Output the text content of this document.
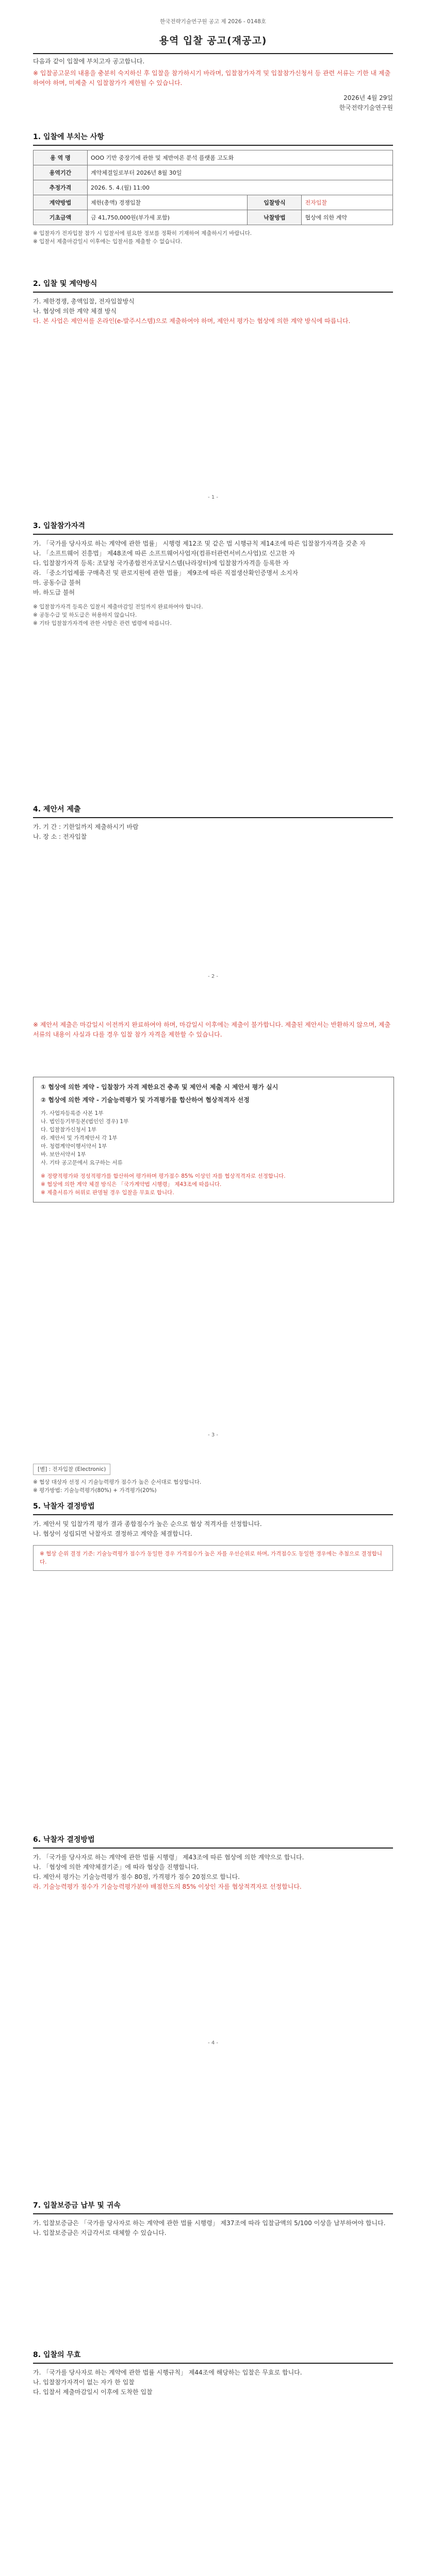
한국전략기술연구원 공고 제 2026 - 0148호
용역 입찰 공고(재공고)
다음과 같이 입찰에 부치고자 공고합니다.
※ 입찰공고문의 내용을 충분히 숙지하신 후 입찰을 참가하시기 바라며, 입찰참가자격 및 입찰참가신청서 등 관련 서류는 기한 내 제출하여야 하며, 미제출 시 입찰참가가 제한될 수 있습니다.
2026년 4월 29일
한국전략기술연구원
1. 입찰에 부치는 사항
용 역 명	OOO 기반 중장기에 관한 및 제반여론 분석 플랫폼 고도화		
용역기간	계약체결일로부터 2026년 8월 30일		
추정가격	2026. 5. 4.(월) 11:00		
계약방법	제한(총액) 경쟁입찰	입찰방식	전자입찰
기초금액	금 41,750,000원(부가세 포함)	낙찰방법	협상에 의한 계약
※ 입찰자가 전자입찰 참가 시 입찰서에 필요한 정보를 정확히 기재하여 제출하시기 바랍니다.
※ 입찰서 제출마감일시 이후에는 입찰서를 제출할 수 없습니다.
2. 입찰 및 계약방식
가. 제한경쟁, 총액입찰, 전자입찰방식
나. 협상에 의한 계약 체결 방식
다. 본 사업은 제안서를 온라인(e-발주시스템)으로 제출하여야 하며, 제안서 평가는 협상에 의한 계약 방식에 따릅니다.
- 1 -
3. 입찰참가자격
가. 「국가를 당사자로 하는 계약에 관한 법률」 시행령 제12조 및 같은 법 시행규칙 제14조에 따른 입찰참가자격을 갖춘 자
나. 「소프트웨어 진흥법」 제48조에 따른 소프트웨어사업자(컴퓨터관련서비스사업)로 신고한 자
다. 입찰참가자격 등록: 조달청 국가종합전자조달시스템(나라장터)에 입찰참가자격을 등록한 자
라. 「중소기업제품 구매촉진 및 판로지원에 관한 법률」 제9조에 따른 직접생산확인증명서 소지자
마. 공동수급 불허
바. 하도급 불허
※ 입찰참가자격 등록은 입찰서 제출마감일 전일까지 완료하여야 합니다.
※ 공동수급 및 하도급은 허용하지 않습니다.
※ 기타 입찰참가자격에 관한 사항은 관련 법령에 따릅니다.
4. 제안서 제출
가. 기 간 : 기한일까지 제출하시기 바람
나. 장 소 : 전자입찰
- 2 -
※ 제안서 제출은 마감일시 이전까지 완료하여야 하며, 마감일시 이후에는 제출이 불가합니다. 제출된 제안서는 반환하지 않으며, 제출서류의 내용이 사실과 다를 경우 입찰 참가 자격을 제한할 수 있습니다.
① 협상에 의한 계약 - 입찰참가 자격 제한요건 충족 및 제안서 제출 시 제안서 평가 실시
② 협상에 의한 계약 - 기술능력평가 및 가격평가를 합산하여 협상적격자 선정
가. 사업자등록증 사본 1부
나. 법인등기부등본(법인인 경우) 1부
다. 입찰참가신청서 1부
라. 제안서 및 가격제안서 각 1부
마. 청렴계약이행서약서 1부
바. 보안서약서 1부
사. 기타 공고문에서 요구하는 서류
※ 정량적평가와 정성적평가를 합산하여 평가하며 평가점수 85% 이상인 자를 협상적격자로 선정합니다.
※ 협상에 의한 계약 체결 방식은 「국가계약법 시행령」 제43조에 따릅니다.
※ 제출서류가 허위로 판명될 경우 입찰을 무효로 합니다.
- 3 -
[별] : 전자입찰 (Electronic)
※ 협상 대상자 선정 시 기술능력평가 점수가 높은 순서대로 협상합니다.
※ 평가방법: 기술능력평가(80%) + 가격평가(20%)
5. 낙찰자 결정방법
가. 제안서 및 입찰가격 평가 결과 종합점수가 높은 순으로 협상 적격자를 선정합니다.
나. 협상이 성립되면 낙찰자로 결정하고 계약을 체결합니다.
※ 협상 순위 결정 기준: 기술능력평가 점수가 동일한 경우 가격점수가 높은 자를 우선순위로 하며, 가격점수도 동일한 경우에는 추첨으로 결정합니다.
6. 낙찰자 결정방법
가. 「국가를 당사자로 하는 계약에 관한 법률 시행령」 제43조에 따른 협상에 의한 계약으로 합니다.
나. 「협상에 의한 계약체결기준」에 따라 협상을 진행합니다.
다. 제안서 평가는 기술능력평가 점수 80점, 가격평가 점수 20점으로 합니다.
라. 기술능력평가 점수가 기술능력평가분야 배점한도의 85% 이상인 자를 협상적격자로 선정합니다.
- 4 -
7. 입찰보증금 납부 및 귀속
가. 입찰보증금은 「국가를 당사자로 하는 계약에 관한 법률 시행령」 제37조에 따라 입찰금액의 5/100 이상을 납부하여야 합니다.
나. 입찰보증금은 지급각서로 대체할 수 있습니다.
8. 입찰의 무효
가. 「국가를 당사자로 하는 계약에 관한 법률 시행규칙」 제44조에 해당하는 입찰은 무효로 합니다.
나. 입찰참가자격이 없는 자가 한 입찰
다. 입찰서 제출마감일시 이후에 도착한 입찰
